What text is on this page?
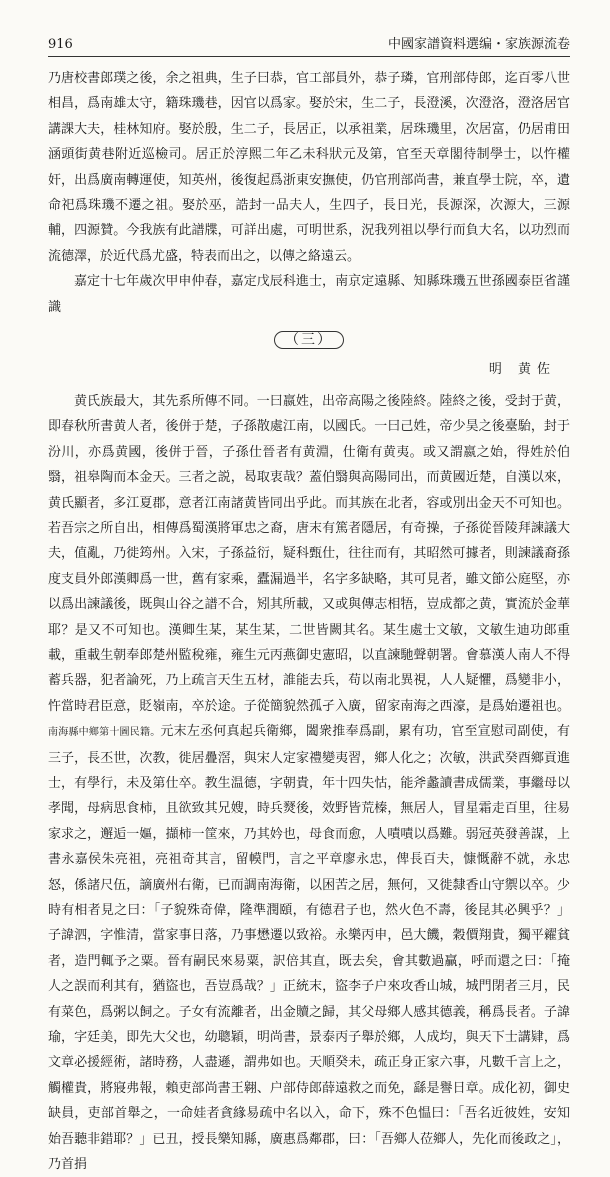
916	中國家譜資料選编・家族源流卷

乃唐校書郎璞之後，余之祖典，生子曰恭，官工部員外，恭子璘，官刑部侍郎，迄百零八世相昌，爲南雄太守，籍珠璣巷，因官以爲家。娶於宋，生二子，長澄溪，次澄洛，澄洛居官講課大夫，桂林知府。娶於殷，生二子，長居正，以承祖業，居珠璣里，次居富，仍居甫田涵頭街黄巷附近巡檢司。居正於淳熙二年乙未科狀元及第，官至天章閣待制學士，以忤權奸，出爲廣南轉運使，知英州，後復起爲浙東安撫使，仍官刑部尚書，兼直學士院，卒，遺命祀爲珠璣不遷之祖。娶於巫，誥封一品夫人，生四子，長日光，長源深，次源大，三源輔，四源贊。今我族有此譜牒，可詳出處，可明世系，況我列祖以學行而負大名，以功烈而流德澤，於近代爲尤盛，特表而出之，以傳之絡遠云。

嘉定十七年歲次甲申仲春，嘉定戊辰科進士，南京定遠縣、知縣珠璣五世孫國泰臣省謹識

（三）
明 黄佐

黄氏族最大，其先系所傳不同。一曰嬴姓，出帝高陽之後陸終。陸終之後，受封于黄，即春秋所書黄人者，後併于楚，子孫散處江南，以國氏。一曰己姓，帝少昊之後臺駘，封于汾川，亦爲黄國，後併于晉，子孫仕晉者有黄淵，仕衛有黄夷。或又謂嬴之始，得姓於伯翳，祖皋陶而本金天。三者之説，曷取衷哉？蓋伯翳與高陽同出，而黄國近楚，自漢以來，黄氏顯者，多江夏郡，意者江南諸黄皆同出乎此。而其族在北者，容或別出金天不可知也。若吾宗之所自出，相傳爲蜀漢將軍忠之裔，唐末有篤者隱居，有奇操，子孫從晉陵拜諫議大夫，值亂，乃徙筠州。入宋，子孫益衍，疑科甄仕，往往而有，其昭然可據者，則諫議裔孫度支員外郎漢卿爲一世，舊有家乘，蠹漏過半，名字多缺略，其可見者，雖文節公庭堅，亦以爲出諫議後，既與山谷之譜不合，矧其所載，又或與傳志相牾，豈成都之黄，實流於金華耶？是又不可知也。漢卿生某，某生某，二世皆闕其名。某生處士文敏，文敏生迪功郎重載，重載生朝奉郎楚州監稅雍，雍生元丙燕御史憲昭，以直諫馳聲朝署。會慕漢人南人不得蓄兵器，犯者論死，乃上疏言天生五材，誰能去兵，苟以南北異視，人人疑懼，爲變非小，忤當時君臣意，貶嶺南，卒於途。子從簡貌然孤孑入廣，留家南海之西濠，是爲始遷祖也。南海縣中鄉第十圖民籍。元末左丞何真起兵衛鄉，闔衆推奉爲副，累有功，官至宣慰司副使，有三子，長丕世，次教，徙居疊滘，與宋人定家禮變夷習，鄉人化之；次敏，洪武癸酉鄉貢進士，有學行，未及第仕卒。教生温德，字朝貴，年十四失怙，能斧蠡讀書成儒業，事繼母以孝聞，母病思食柿，且欲致其兄嫂，時兵燹後，效野皆荒榛，無居人，冒星霜走百里，往易家求之，邂逅一嫗，擷柿一筐來，乃其妗也，母食而愈，人嘖嘖以爲難。弱冠英發善謀，上書永嘉侯朱亮祖，亮祖奇其言，留幙門，言之平章廖永忠，俾長百夫，慷慨辭不就，永忠怒，係諸尺伍，謫廣州右衛，已而調南海衛，以困苦之居，無何，又徙隸香山守禦以卒。少時有相者見之曰：「子貌殊奇偉，隆準潤頤，有德君子也，然火色不壽，後昆其必興乎？」子諱泗，字惟清，當家事日落，乃事懋遷以致裕。永樂丙申，邑大饑，穀價翔貴，獨平糴貧者，造門輒予之粟。晉有嗣民來易粟，訳倍其直，既去矣，會其數過贏，呼而還之曰：「掩人之誤而利其有，猶盜也，吾豈爲哉？」正統末，盜李子户來攻香山城，城門閉者三月，民有菜色，爲粥以飼之。子女有流離者，出金贖之歸，其父母鄉人感其德義，稱爲長者。子諱瑜，字廷美，即先大父也，幼聰穎，明尚書，景泰丙子舉於鄉，人成均，與天下士講肄，爲文章必援經術，諸時務，人盡遜，謂弗如也。天順癸未，疏正身正家六事，凡數千言上之，觸權貴，將寢弗報，賴吏部尚書王翱、户部侍郎薛遠救之而免，繇是譽日章。成化初，御史缺員，吏部首舉之，一命娃者貪緣易疏中名以入，命下，殊不色愠曰：「吾名近彼姓，安知始吾聽非錯耶？」已丑，授長樂知縣，廣惠爲鄰郡，曰：「吾鄉人莅鄉人，先化而後政之」，乃首捐
